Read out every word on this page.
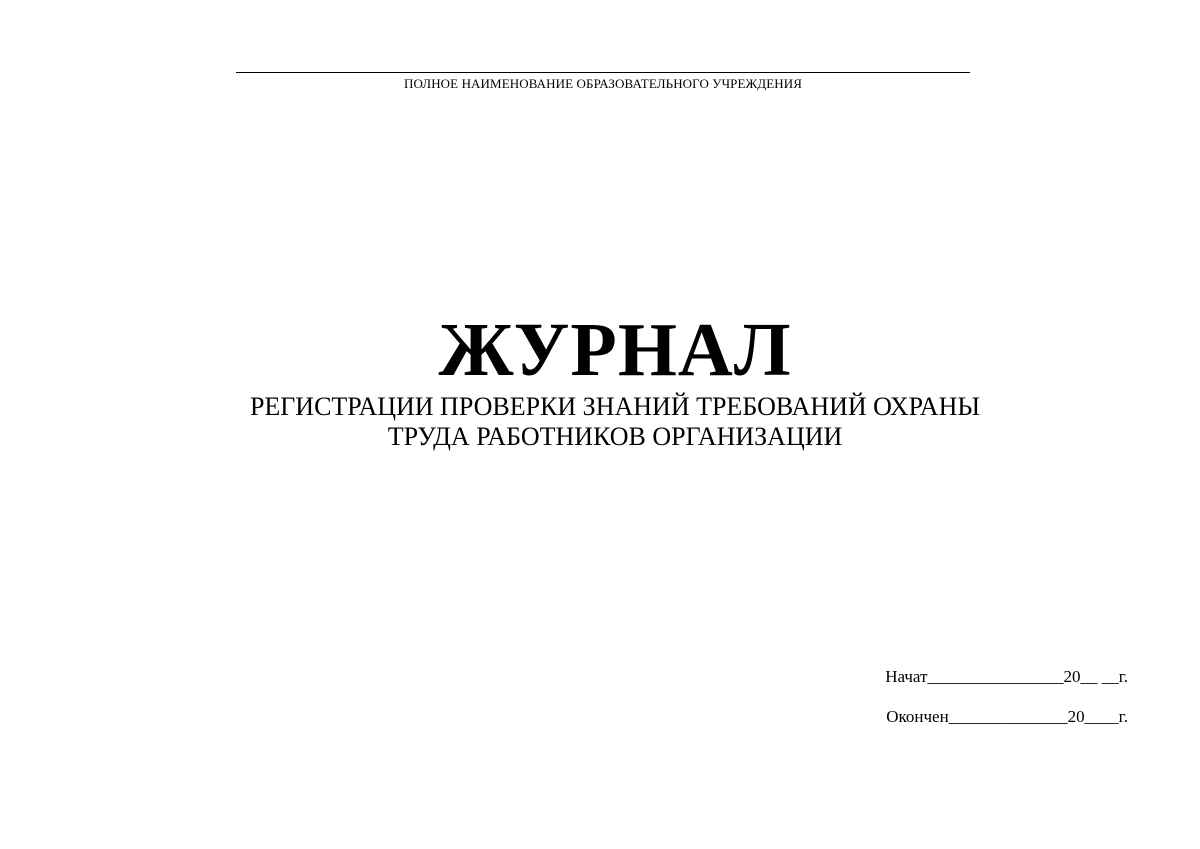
ПОЛНОЕ НАИМЕНОВАНИЕ ОБРАЗОВАТЕЛЬНОГО УЧРЕЖДЕНИЯ
ЖУРНАЛ
РЕГИСТРАЦИИ ПРОВЕРКИ ЗНАНИЙ ТРЕБОВАНИЙ ОХРАНЫ
ТРУДА РАБОТНИКОВ ОРГАНИЗАЦИИ
Начат________________20__ __г.
Окончен______________20____г.
